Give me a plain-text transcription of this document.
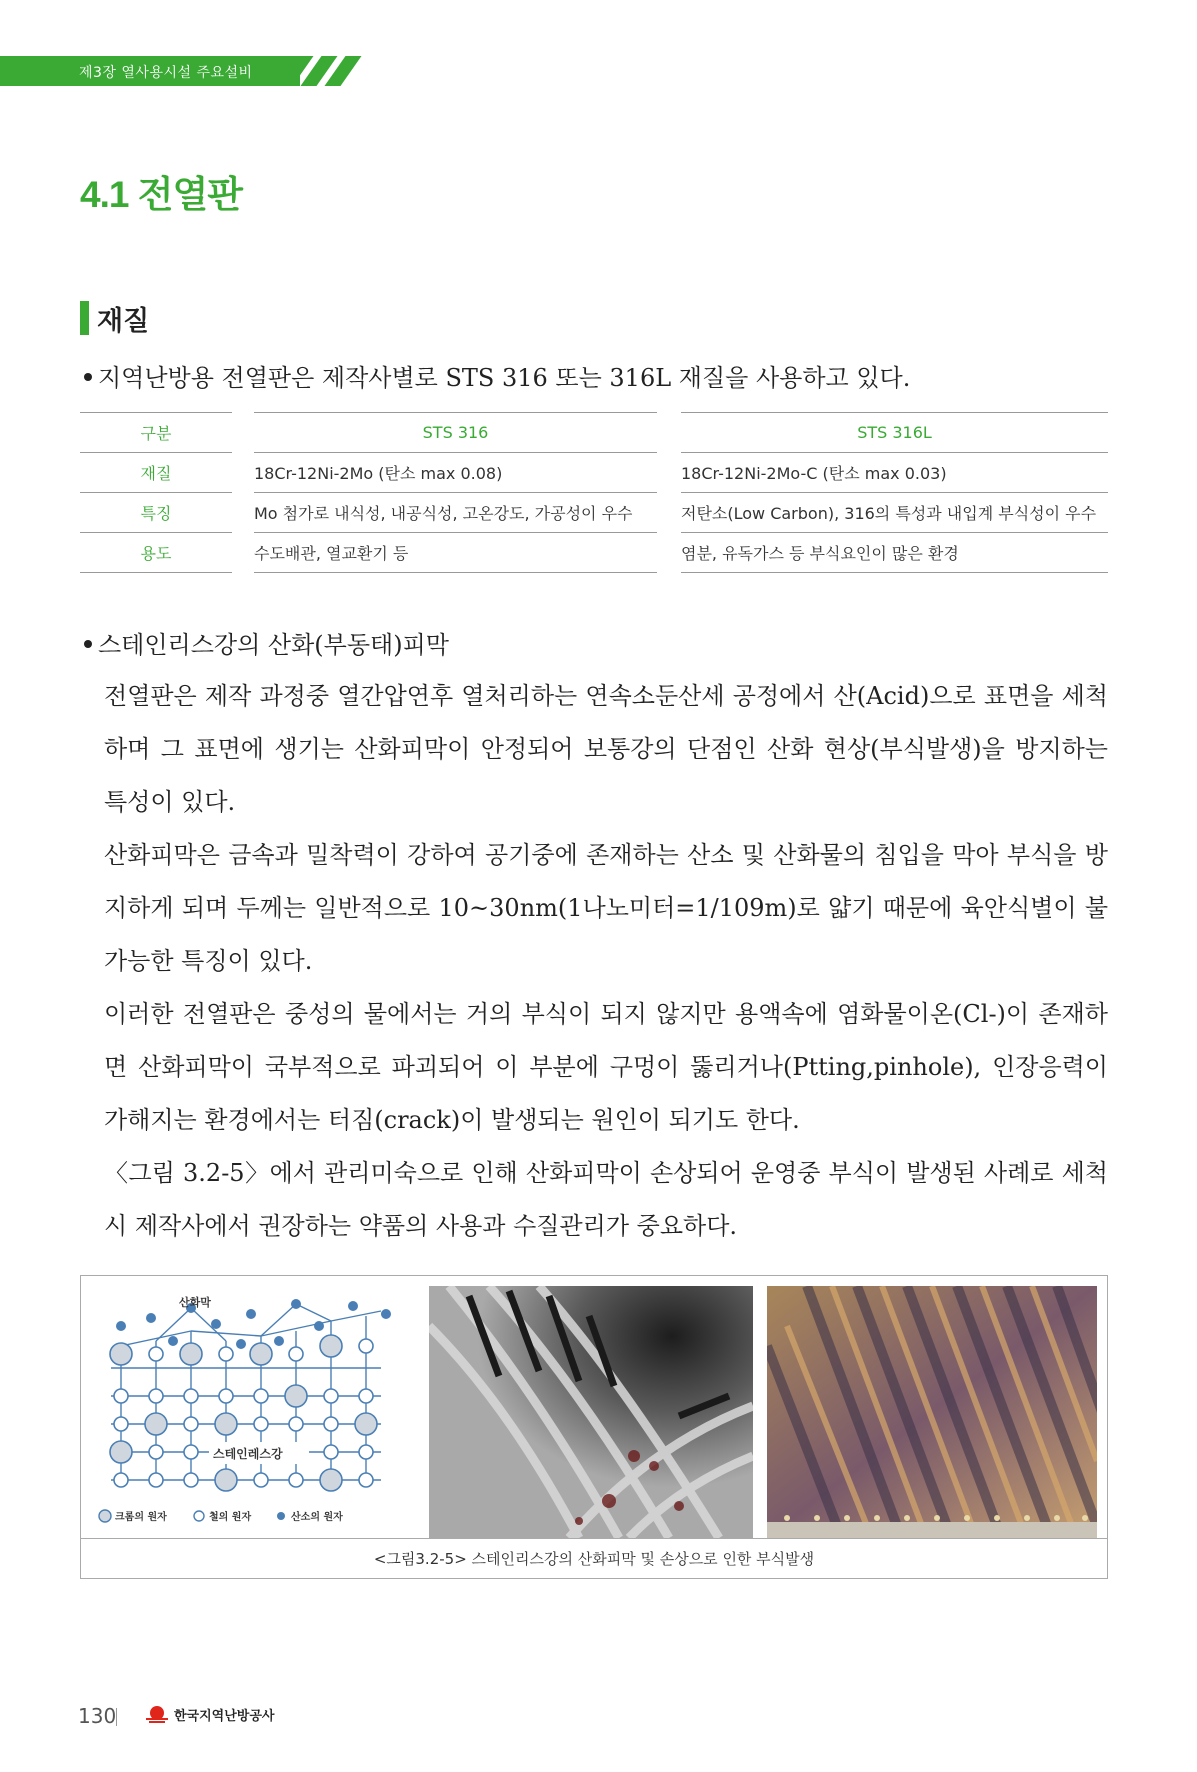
제3장 열사용시설 주요설비
4.1 전열판
재질
지역난방용 전열판은 제작사별로 STS 316 또는 316L 재질을 사용하고 있다.
구분		STS 316		STS 316L
재질		18Cr-12Ni-2Mo (탄소 max 0.08)		18Cr-12Ni-2Mo-C (탄소 max 0.03)
특징		Mo 첨가로 내식성, 내공식성, 고온강도, 가공성이 우수		저탄소(Low Carbon), 316의 특성과 내입계 부식성이 우수
용도		수도배관, 열교환기 등		염분, 유독가스 등 부식요인이 많은 환경
스테인리스강의 산화(부동태)피막

전열판은 제작 과정중 열간압연후 열처리하는 연속소둔산세 공정에서 산(Acid)으로 표면을 세척하며 그 표면에 생기는 산화피막이 안정되어 보통강의 단점인 산화 현상(부식발생)을 방지하는 특성이 있다.

산화피막은 금속과 밀착력이 강하여 공기중에 존재하는 산소 및 산화물의 침입을 막아 부식을 방지하게 되며 두께는 일반적으로 10~30nm(1나노미터=1/109m)로 얇기 때문에 육안식별이 불가능한 특징이 있다.

이러한 전열판은 중성의 물에서는 거의 부식이 되지 않지만 용액속에 염화물이온(Cl-)이 존재하면 산화피막이 국부적으로 파괴되어 이 부분에 구멍이 뚫리거나(Ptting,pinhole), 인장응력이 가해지는 환경에서는 터짐(crack)이 발생되는 원인이 되기도 한다.

〈그림 3.2-5〉에서 관리미숙으로 인해 산화피막이 손상되어 운영중 부식이 발생된 사례로 세척시 제작사에서 권장하는 약품의 사용과 수질관리가 중요하다.

산화막
스테인레스강
크롬의 원자	철의 원자	산소의 원자
<그림3.2-5> 스테인리스강의 산화피막 및 손상으로 인한 부식발생
130	한국지역난방공사
